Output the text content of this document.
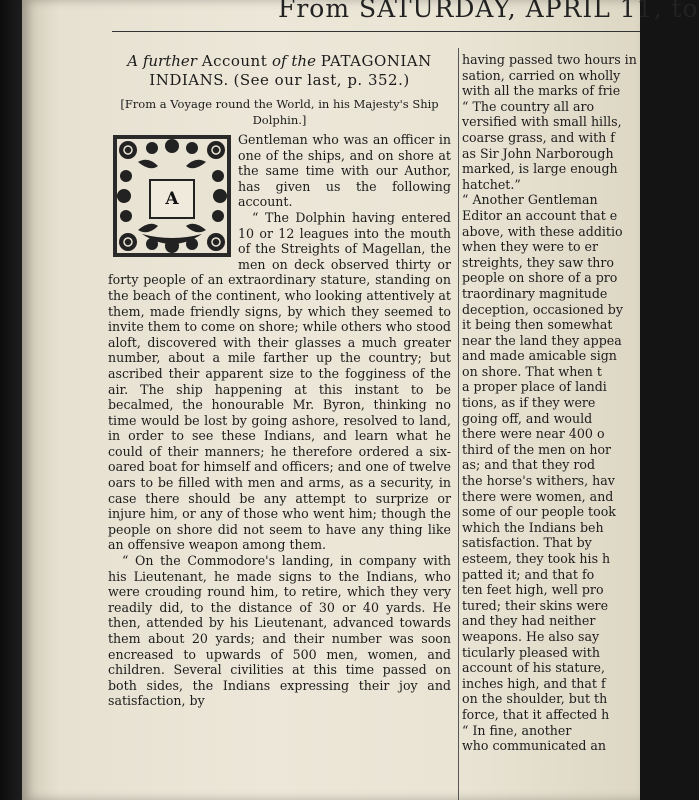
From SATURDAY, APRIL 11, to

A further Account of the PATAGONIAN INDIANS. (See our last, p. 352.)

[From a Voyage round the World, in his Majesty's Ship Dolphin.]

A

Gentleman who was an officer in one of the ships, and on shore at the same time with our Author, has given us the following account.

“ The Dolphin having entered 10 or 12 leagues into the mouth of the Streights of Magellan, the men on deck observed thirty or forty people of an extraordinary stature, standing on the beach of the continent, who looking attentively at them, made friendly signs, by which they seemed to invite them to come on shore; while others who stood aloft, discovered with their glasses a much greater number, about a mile farther up the country; but ascribed their apparent size to the fogginess of the air. The ship happening at this instant to be becalmed, the honourable Mr. Byron, thinking no time would be lost by going ashore, resolved to land, in order to see these Indians, and learn what he could of their manners; he therefore ordered a six-oared boat for himself and officers; and one of twelve oars to be filled with men and arms, as a security, in case there should be any attempt to surprize or injure him, or any of those who went him; though the people on shore did not seem to have any thing like an offensive weapon among them.

“ On the Commodore's landing, in company with his Lieutenant, he made signs to the Indians, who were crouding round him, to retire, which they very readily did, to the distance of 30 or 40 yards. He then, attended by his Lieutenant, advanced towards them about 20 yards; and their number was soon encreased to upwards of 500 men, women, and children. Several civilities at this time passed on both sides, the Indians expressing their joy and satisfaction, by

having passed two hours in
sation, carried on wholly
with all the marks of frie
“ The country all aro
versified with small hills,
coarse grass, and with f
as Sir John Narborough
marked, is large enough
hatchet.”
“ Another Gentleman
Editor an account that e
above, with these additio
when they were to er
streights, they saw thro
people on shore of a pro
traordinary magnitude
deception, occasioned by
it being then somewhat
near the land they appea
and made amicable sign
on shore. That when t
a proper place of landi
tions, as if they were
going off, and would
there were near 400 o
third of the men on hor
as; and that they rod
the horse's withers, hav
there were women, and
some of our people took
which the Indians beh
satisfaction. That by
esteem, they took his h
patted it; and that fo
ten feet high, well pro
tured; their skins were
and they had neither
weapons. He also say
ticularly pleased with
account of his stature,
inches high, and that f
on the shoulder, but th
force, that it affected h
“ In fine, another
who communicated an
